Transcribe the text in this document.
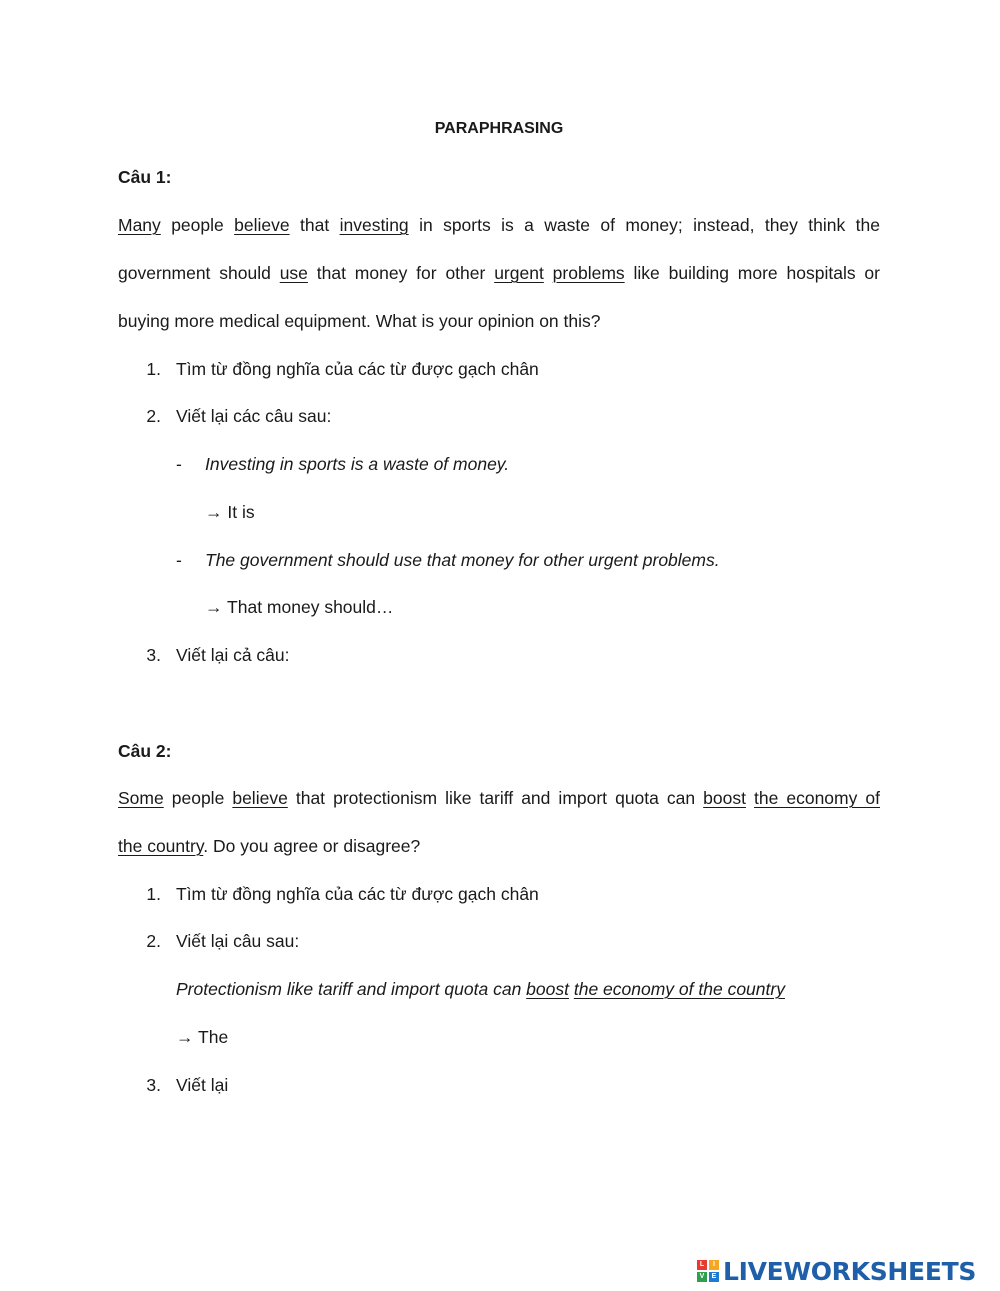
PARAPHRASING
Câu 1:
Many people believe that investing in sports is a waste of money; instead, they think the
government should use that money for other urgent problems like building more hospitals or
buying more medical equipment. What is your opinion on this?
1. Tìm từ đồng nghĩa của các từ được gạch chân
2. Viết lại các câu sau:
- Investing in sports is a waste of money.
→ It is
- The government should use that money for other urgent problems.
→ That money should…
3. Viết lại cả câu:
Câu 2:
Some people believe that protectionism like tariff and import quota can boost the economy of
the country. Do you agree or disagree?
1. Tìm từ đồng nghĩa của các từ được gạch chân
2. Viết lại câu sau:
Protectionism like tariff and import quota can boost the economy of the country
→ The
3. Viết lại
L	I
V	E LIVEWORKSHEETS
